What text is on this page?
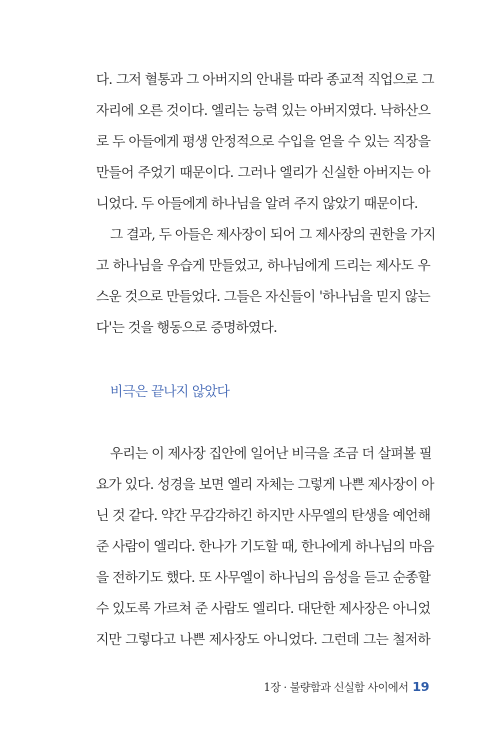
다. 그저 혈통과 그 아버지의 안내를 따라 종교적 직업으로 그
자리에 오른 것이다. 엘리는 능력 있는 아버지였다. 낙하산으
로 두 아들에게 평생 안정적으로 수입을 얻을 수 있는 직장을
만들어 주었기 때문이다. 그러나 엘리가 신실한 아버지는 아
니었다. 두 아들에게 하나님을 알려 주지 않았기 때문이다.
그 결과, 두 아들은 제사장이 되어 그 제사장의 권한을 가지
고 하나님을 우습게 만들었고, 하나님에게 드리는 제사도 우
스운 것으로 만들었다. 그들은 자신들이 '하나님을 믿지 않는
다'는 것을 행동으로 증명하였다.
비극은 끝나지 않았다
우리는 이 제사장 집안에 일어난 비극을 조금 더 살펴볼 필
요가 있다. 성경을 보면 엘리 자체는 그렇게 나쁜 제사장이 아
닌 것 같다. 약간 무감각하긴 하지만 사무엘의 탄생을 예언해
준 사람이 엘리다. 한나가 기도할 때, 한나에게 하나님의 마음
을 전하기도 했다. 또 사무엘이 하나님의 음성을 듣고 순종할
수 있도록 가르쳐 준 사람도 엘리다. 대단한 제사장은 아니었
지만 그렇다고 나쁜 제사장도 아니었다. 그런데 그는 철저하
1장 · 불량함과 신실함 사이에서 19
